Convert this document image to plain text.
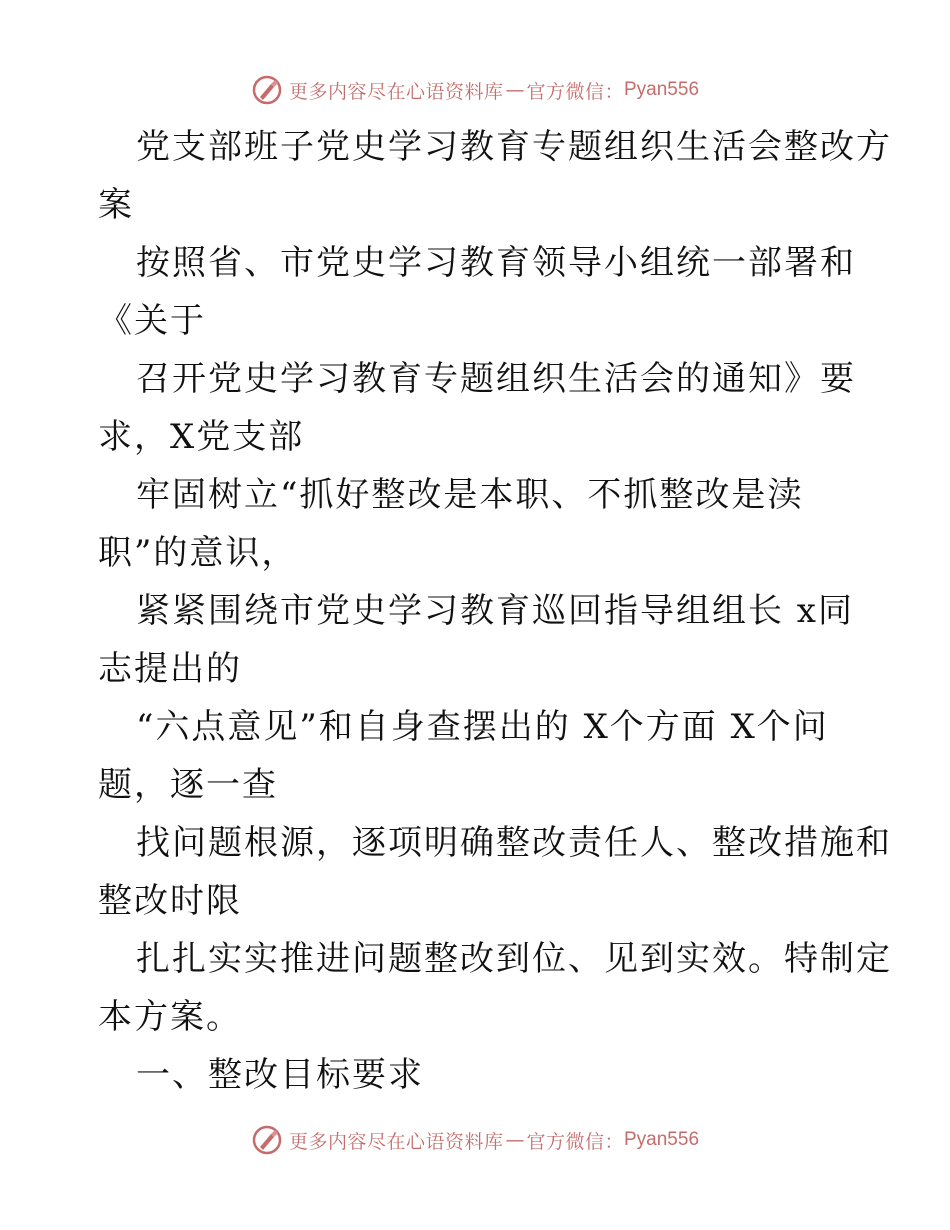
更多内容尽在心语资料库 — 官方微信： Pyan556
党支部班子党史学习教育专题组织生活会整改方
案
按照省、市党史学习教育领导小组统一部署和
《关于
召开党史学习教育专题组织生活会的通知》要
求，X党支部
牢固树立“抓好整改是本职、不抓整改是渎
职”的意识，
紧紧围绕市党史学习教育巡回指导组组长 x同
志提出的
“六点意见”和自身查摆出的 X个方面 X个问
题，逐一查
找问题根源，逐项明确整改责任人、整改措施和
整改时限
扎扎实实推进问题整改到位、见到实效。特制定
本方案。
一、整改目标要求
更多内容尽在心语资料库 — 官方微信： Pyan556
